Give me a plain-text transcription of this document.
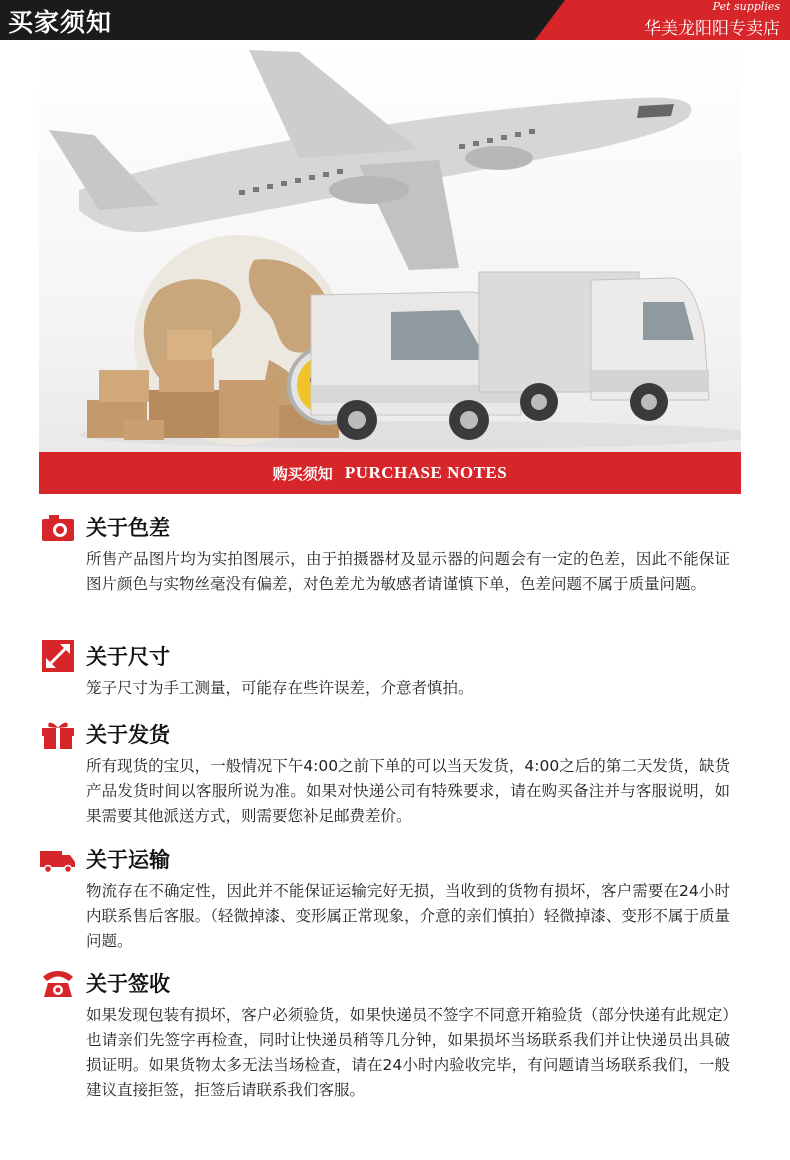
买家须知
Pet supplies
华美龙阳阳专卖店
购买须知 PURCHASE NOTES
关于色差
所售产品图片均为实拍图展示，由于拍摄器材及显示器的问题会有一定的色差，因此不能保证图片颜色与实物丝毫没有偏差，对色差尤为敏感者请谨慎下单，色差问题不属于质量问题。
关于尺寸
笼子尺寸为手工测量，可能存在些许误差，介意者慎拍。
关于发货
所有现货的宝贝，一般情况下午4:00之前下单的可以当天发货，4:00之后的第二天发货，缺货产品发货时间以客服所说为准。如果对快递公司有特殊要求，请在购买备注并与客服说明，如果需要其他派送方式，则需要您补足邮费差价。
关于运输
物流存在不确定性，因此并不能保证运输完好无损，当收到的货物有损坏，客户需要在24小时内联系售后客服。（轻微掉漆、变形属正常现象，介意的亲们慎拍）轻微掉漆、变形不属于质量问题。
关于签收
如果发现包装有损坏，客户必须验货，如果快递员不签字不同意开箱验货（部分快递有此规定）也请亲们先签字再检查，同时让快递员稍等几分钟，如果损坏当场联系我们并让快递员出具破损证明。如果货物太多无法当场检查，请在24小时内验收完毕，有问题请当场联系我们，一般建议直接拒签，拒签后请联系我们客服。
